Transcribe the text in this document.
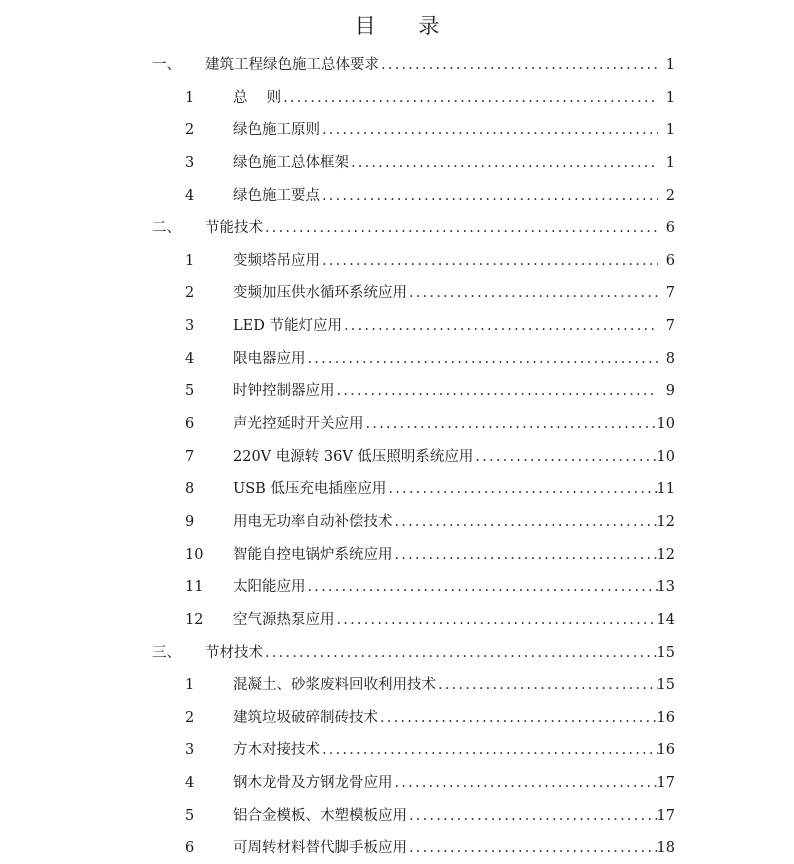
目 录
一、 建筑工程绿色施工总体要求 .....	1
1	总　 则 .....	1
2	绿色施工原则 .....	1
3	绿色施工总体框架 .....	1
4	绿色施工要点 .....	2
二、 节能技术 .....	6
1	变频塔吊应用 .....	6
2	变频加压供水循环系统应用 .....	7
3	LED 节能灯应用 .....	7
4	限电器应用 .....	8
5	时钟控制器应用 .....	9
6	声光控延时开关应用 .....	10
7	220V 电源转 36V 低压照明系统应用 .....	10
8	USB 低压充电插座应用 .....	11
9	用电无功率自动补偿技术 .....	12
10 智能自控电锅炉系统应用 .....	12
11 太阳能应用 .....	13
12 空气源热泵应用 .....	14
三、 节材技术 .....	15
1	混凝土、砂浆废料回收利用技术 .....	15
2	建筑垃圾破碎制砖技术 .....	16
3	方木对接技术 .....	16
4	钢木龙骨及方钢龙骨应用 .....	17
5	铝合金模板、木塑模板应用 .....	17
6	可周转材料替代脚手板应用 .....	18
